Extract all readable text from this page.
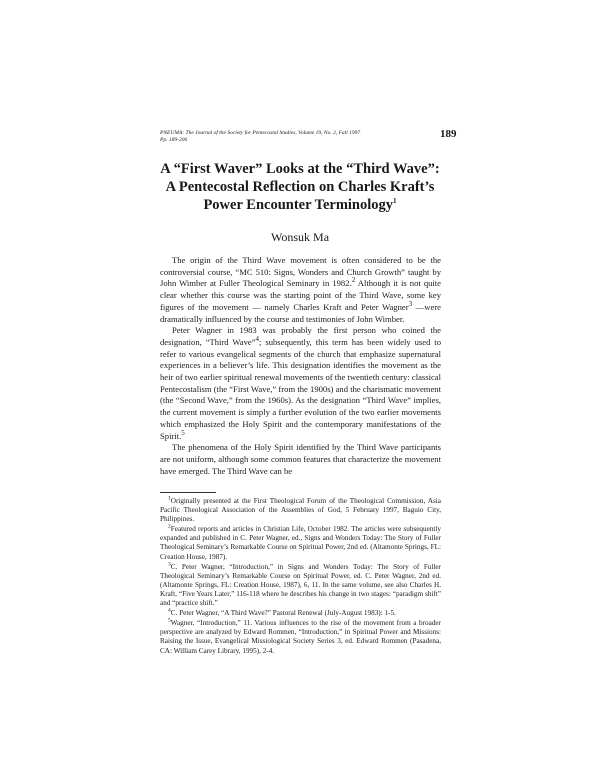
PNEUMA: The Journal of the Society for Pentecostal Studies, Volume 19, No. 2, Fall 1997
Pp. 189-206	189
A “First Waver” Looks at the “Third Wave”:
A Pentecostal Reflection on Charles Kraft’s
Power Encounter Terminology$^1$
Wonsuk Ma

The origin of the Third Wave movement is often considered to be the controversial course, “MC 510: Signs, Wonders and Church Growth” taught by John Wimber at Fuller Theological Seminary in 1982.$^2$ Although it is not quite clear whether this course was the starting point of the Third Wave, some key figures of the movement — namely Charles Kraft and Peter Wagner$^3$ —were dramatically influenced by the course and testimonies of John Wimber.

Peter Wagner in 1983 was probably the first person who coined the designation, “Third Wave”$^4$; subsequently, this term has been widely used to refer to various evangelical segments of the church that emphasize supernatural experiences in a believer’s life. This designation identifies the movement as the heir of two earlier spiritual renewal movements of the twentieth century: classical Pentecostalism (the “First Wave,” from the 1900s) and the charismatic movement (the “Second Wave,” from the 1960s). As the designation “Third Wave” implies, the current movement is simply a further evolution of the two earlier movements which emphasized the Holy Spirit and the contemporary manifestations of the Spirit.$^5$

The phenomena of the Holy Spirit identified by the Third Wave participants are not uniform, although some common features that characterize the movement have emerged. The Third Wave can be

$^1$Originally presented at the First Theological Forum of the Theological Commission, Asia Pacific Theological Association of the Assemblies of God, 5 February 1997, Baguio City, Philippines.

$^2$Featured reports and articles in Christian Life, October 1982. The articles were subsequently expanded and published in C. Peter Wagner, ed., Signs and Wonders Today: The Story of Fuller Theological Seminary’s Remarkable Course on Spiritual Power, 2nd ed. (Altamonte Springs, FL: Creation House, 1987).

$^3$C. Peter Wagner, “Introduction,” in Signs and Wonders Today: The Story of Fuller Theological Seminary’s Remarkable Course on Spiritual Power, ed. C. Peter Wagner, 2nd ed. (Altamonte Springs, FL: Creation House, 1987), 6, 11. In the same volume, see also Charles H. Kraft, “Five Years Later,” 116-118 where he describes his change in two stages: “paradigm shift” and “practice shift.”

$^4$C. Peter Wagner, “A Third Wave?” Pastoral Renewal (July-August 1983): 1-5.

$^5$Wagner, “Introduction,” 11. Various influences to the rise of the movement from a broader perspective are analyzed by Edward Rommen, “Introduction,” in Spiritual Power and Missions: Raising the Issue, Evangelical Missiological Society Series 3, ed. Edward Rommen (Pasadena, CA: William Carey Library, 1995), 2-4.
